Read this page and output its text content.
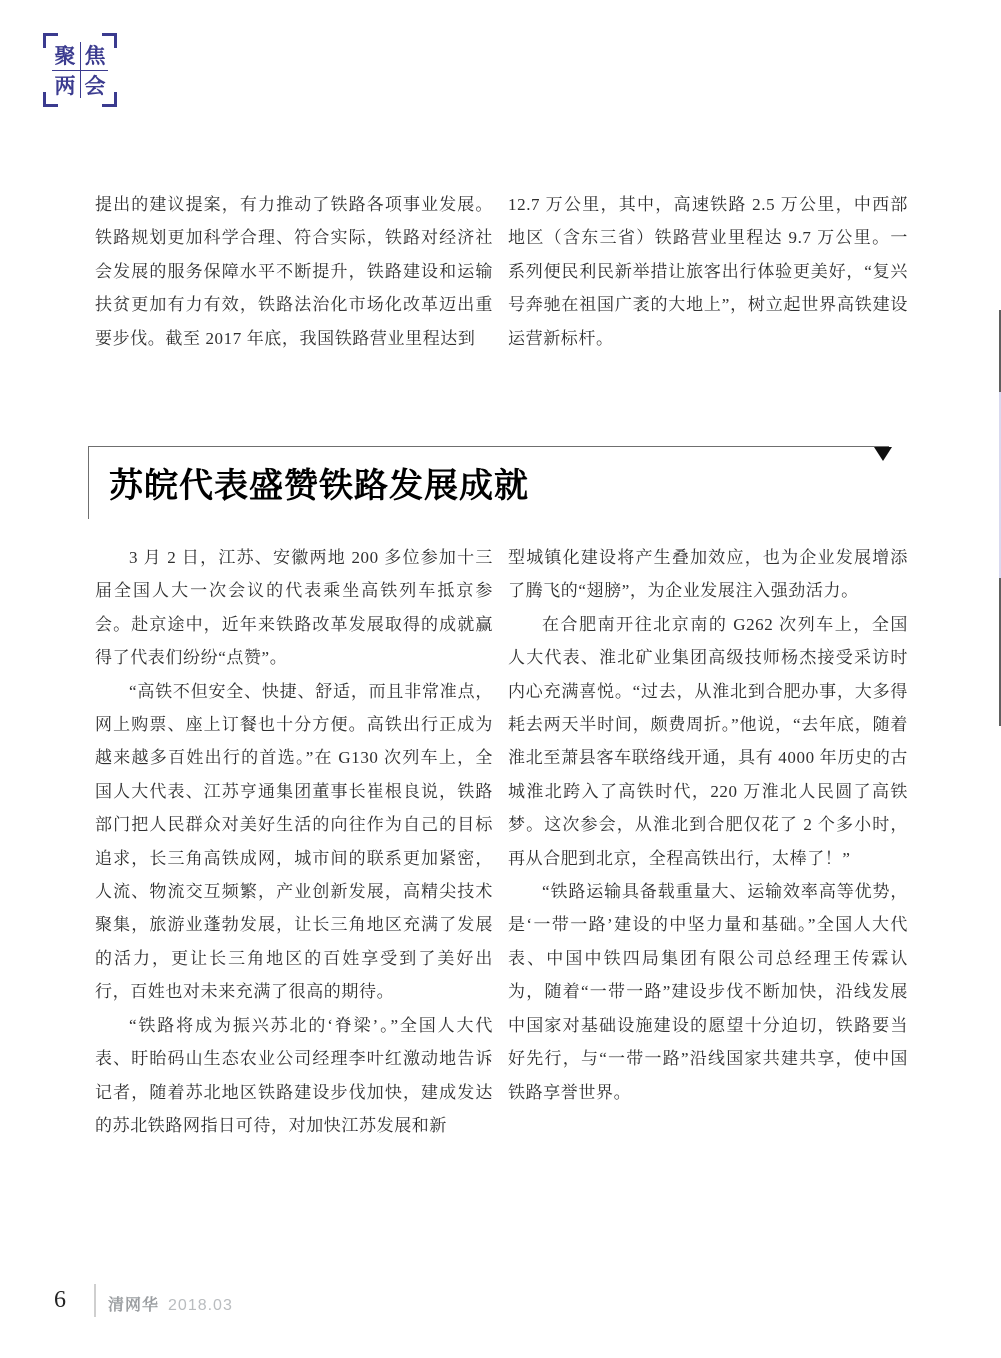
聚 焦
两 会

提出的建议提案，有力推动了铁路各项事业发展。铁路规划更加科学合理、符合实际，铁路对经济社会发展的服务保障水平不断提升，铁路建设和运输扶贫更加有力有效，铁路法治化市场化改革迈出重要步伐。截至 2017 年底，我国铁路营业里程达到

12.7 万公里，其中，高速铁路 2.5 万公里，中西部地区（含东三省）铁路营业里程达 9.7 万公里。一系列便民利民新举措让旅客出行体验更美好，“复兴号奔驰在祖国广袤的大地上”，树立起世界高铁建设运营新标杆。

苏皖代表盛赞铁路发展成就

3 月 2 日，江苏、安徽两地 200 多位参加十三届全国人大一次会议的代表乘坐高铁列车抵京参会。赴京途中，近年来铁路改革发展取得的成就赢得了代表们纷纷“点赞”。

“高铁不但安全、快捷、舒适，而且非常准点，网上购票、座上订餐也十分方便。高铁出行正成为越来越多百姓出行的首选。”在 G130 次列车上，全国人大代表、江苏亨通集团董事长崔根良说，铁路部门把人民群众对美好生活的向往作为自己的目标追求，长三角高铁成网，城市间的联系更加紧密，人流、物流交互频繁，产业创新发展，高精尖技术聚集，旅游业蓬勃发展，让长三角地区充满了发展的活力，更让长三角地区的百姓享受到了美好出行，百姓也对未来充满了很高的期待。

“铁路将成为振兴苏北的‘脊梁’。”全国人大代表、盱眙码山生态农业公司经理李叶红激动地告诉记者，随着苏北地区铁路建设步伐加快，建成发达的苏北铁路网指日可待，对加快江苏发展和新

型城镇化建设将产生叠加效应，也为企业发展增添了腾飞的“翅膀”，为企业发展注入强劲活力。

在合肥南开往北京南的 G262 次列车上，全国人大代表、淮北矿业集团高级技师杨杰接受采访时内心充满喜悦。“过去，从淮北到合肥办事，大多得耗去两天半时间，颇费周折。”他说，“去年底，随着淮北至萧县客车联络线开通，具有 4000 年历史的古城淮北跨入了高铁时代，220 万淮北人民圆了高铁梦。这次参会，从淮北到合肥仅花了 2 个多小时，再从合肥到北京，全程高铁出行，太棒了！”

“铁路运输具备载重量大、运输效率高等优势，是‘一带一路’建设的中坚力量和基础。”全国人大代表、中国中铁四局集团有限公司总经理王传霖认为，随着“一带一路”建设步伐不断加快，沿线发展中国家对基础设施建设的愿望十分迫切，铁路要当好先行，与“一带一路”沿线国家共建共享，使中国铁路享誉世界。

6	清网华 2018.03
